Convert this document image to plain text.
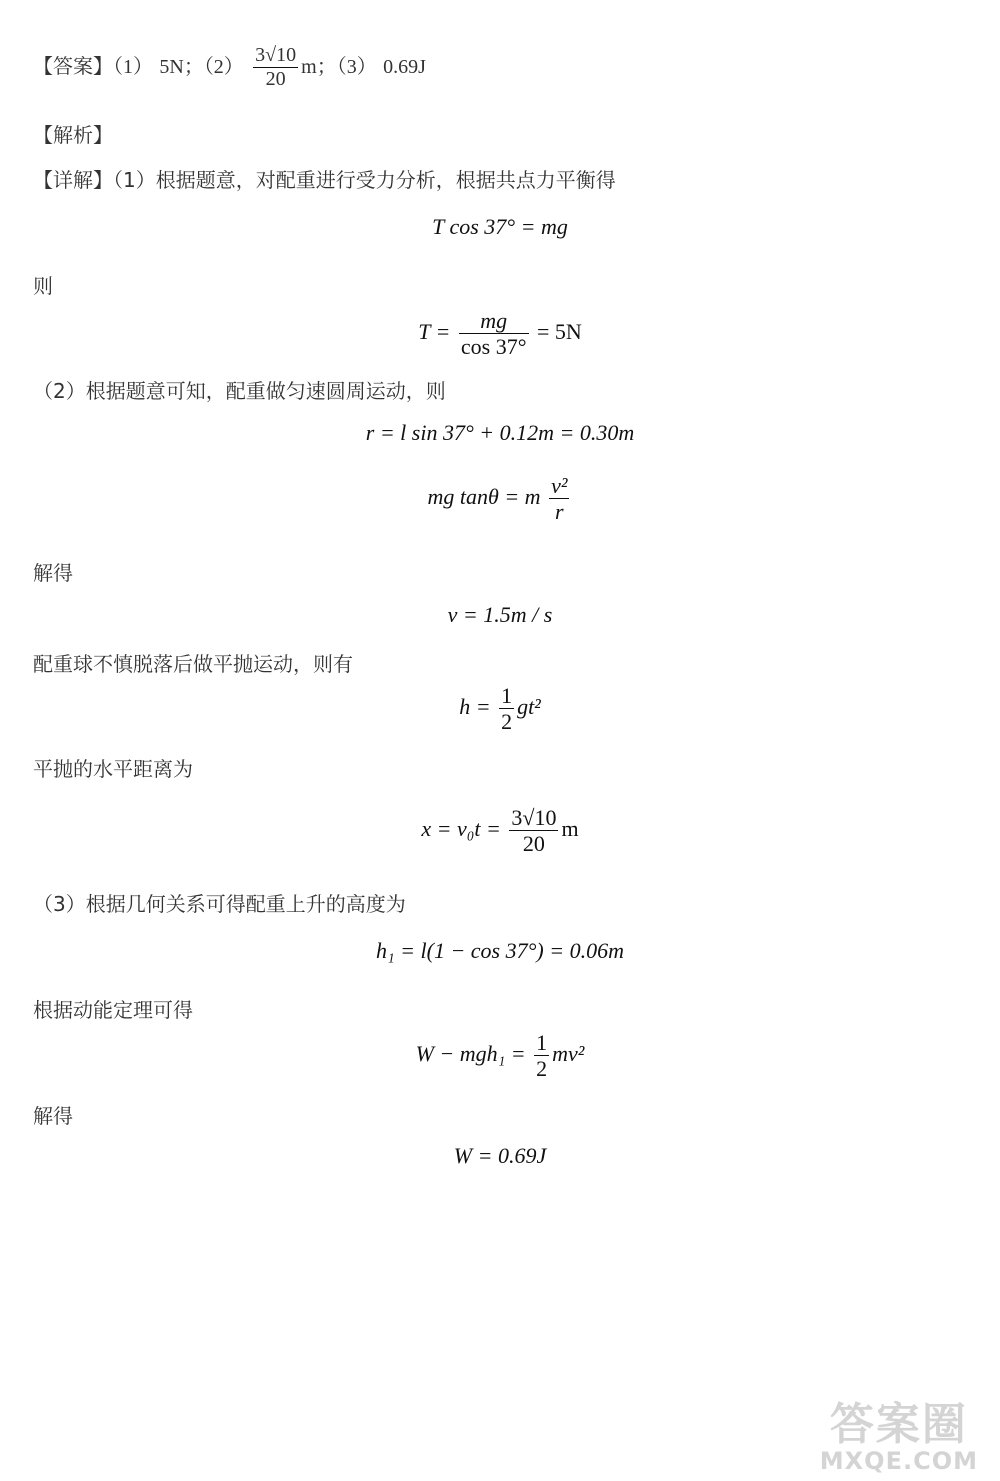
【答案】（1） 5N；$(2) \frac{3√10}{20}$ m；（3） 0.69J
【解析】
【详解】（1）根据题意，对配重进行受力分析，根据共点力平衡得
T cos 37° = mg
则
$T = \frac{mg}{\cos 37^\circ} = 5N$
（2）根据题意可知，配重做匀速圆周运动，则
r = l sin 37° + 0.12m = 0.30m
mg tanθ = m $\frac{\text{v²}}{r}$
解得
v = 1.5m / s
配重球不慎脱落后做平抛运动，则有
$h = \frac{1}{2} gt^2$
平抛的水平距离为
$x = v_0t = \frac{3√10}{20}$ m
（3）根据几何关系可得配重上升的高度为
h₁ = l(1 − cos 37°) = 0.06m
根据动能定理可得
$W - mgh_1 = \frac{1}{2} mv^2$
解得
W = 0.69J
答案圈
MXQE.COM
